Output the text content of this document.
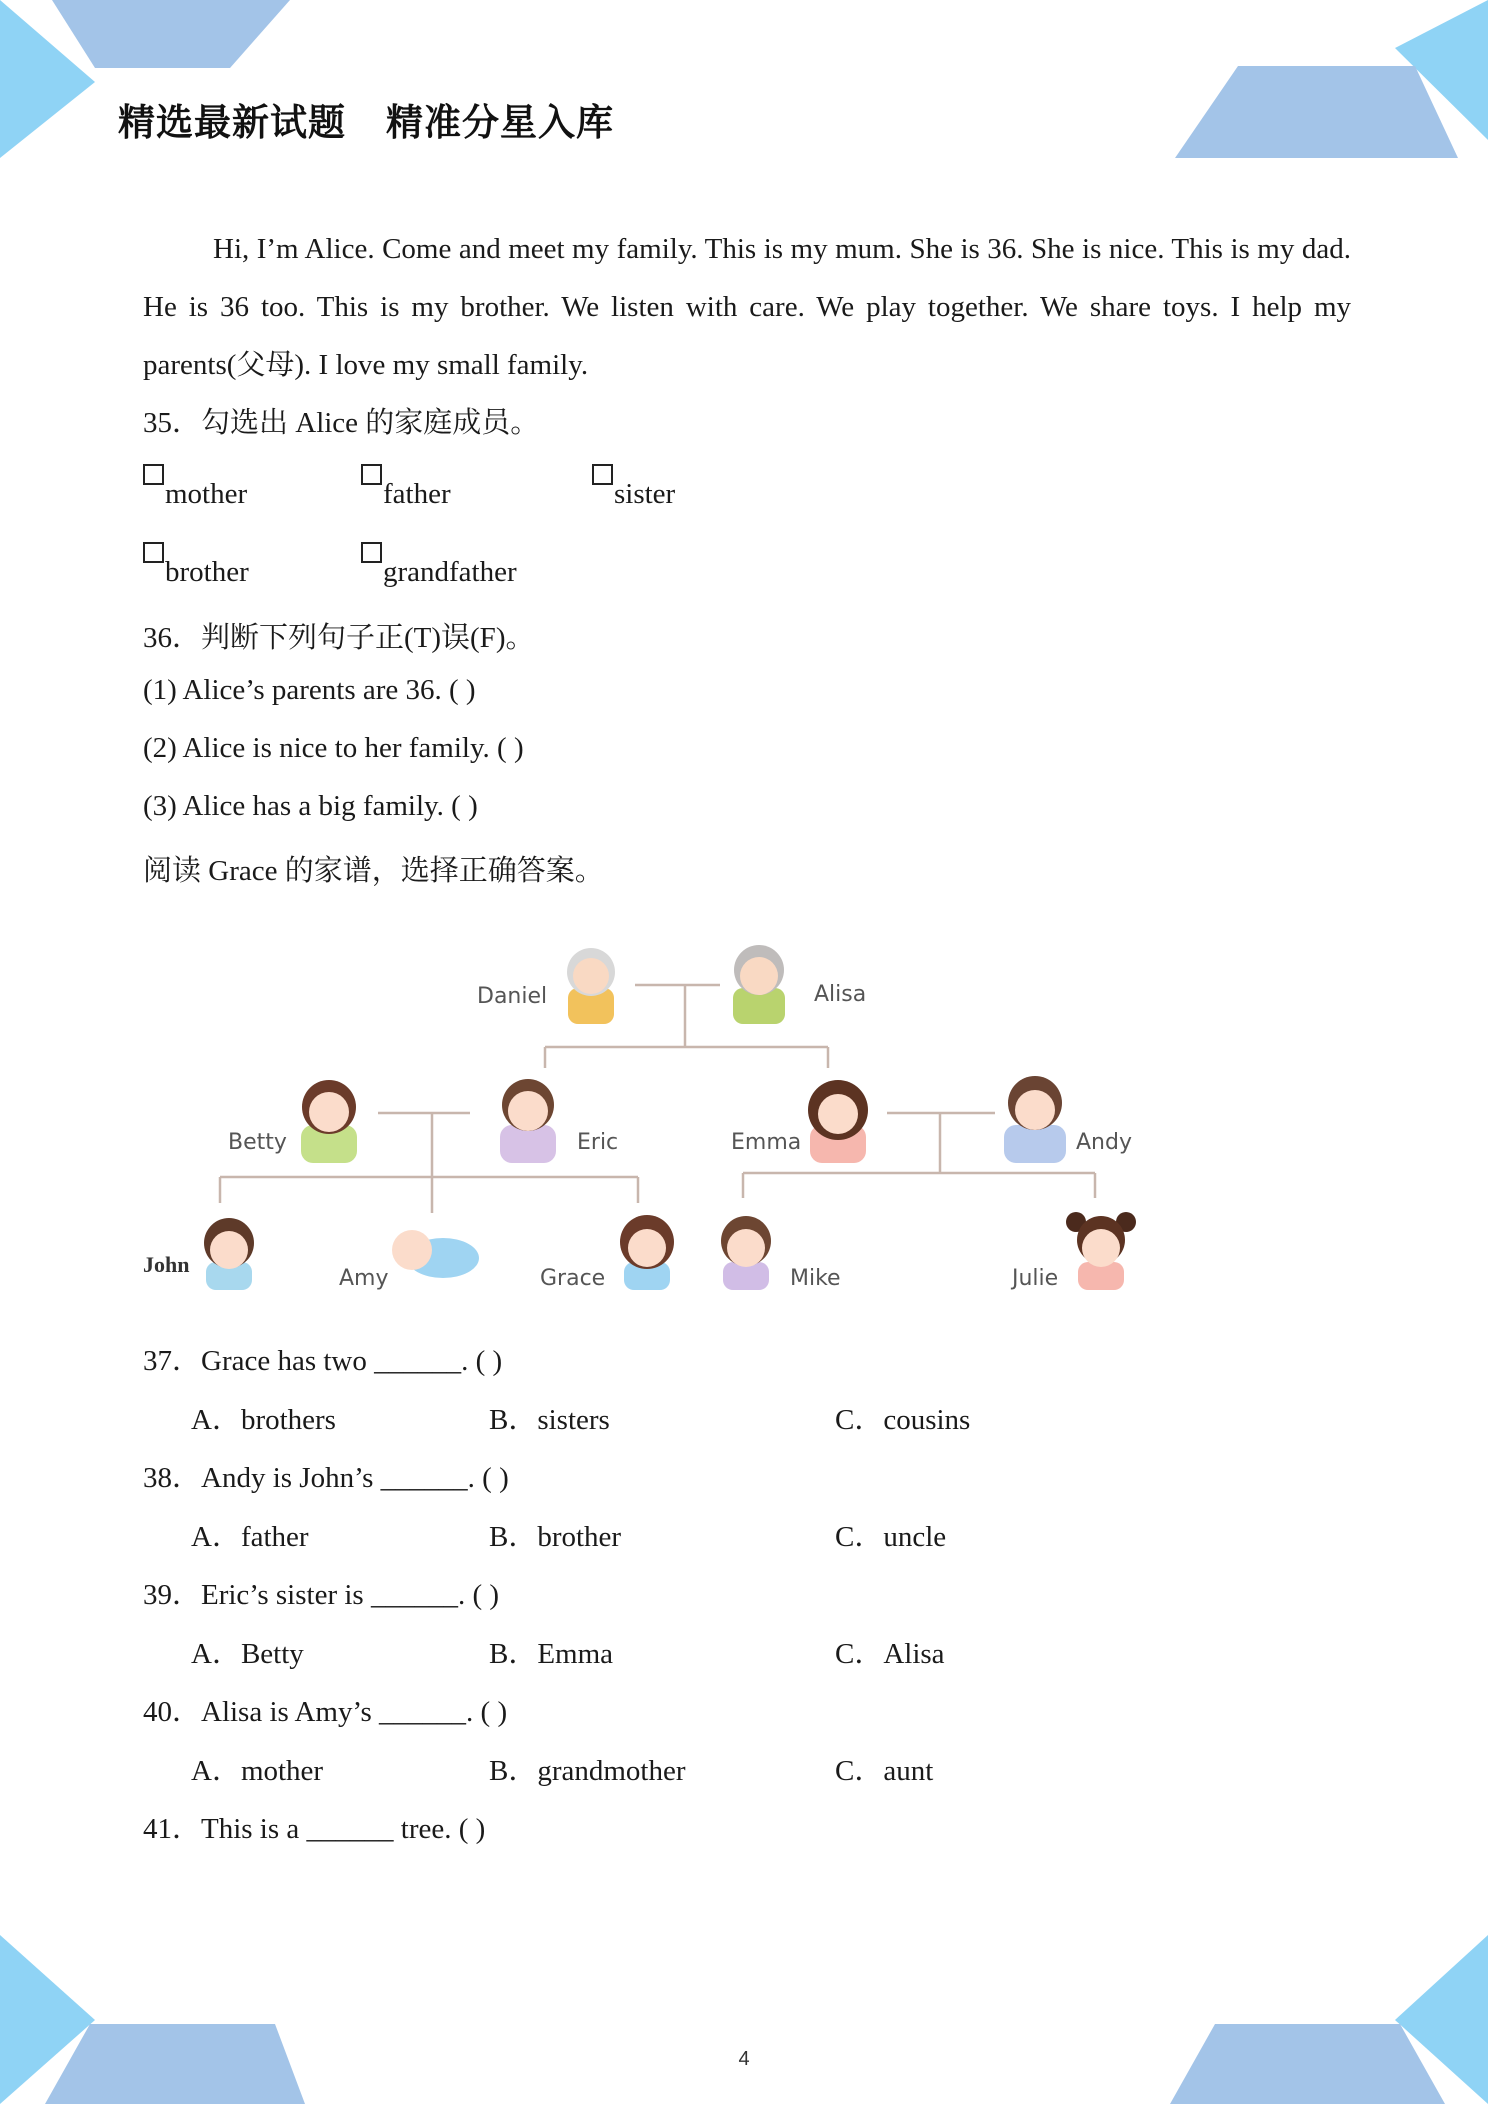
精选最新试题 精准分星入库
Hi, I’m Alice. Come and meet my family. This is my mum. She is 36. She is nice. This is my dad. He is 36 too. This is my brother. We listen with care. We play together. We share toys. I help my parents(父母). I love my small family.
35．勾选出 Alice 的家庭成员。
mother	father	sister
brother	grandfather
36．判断下列句子正(T)误(F)。
(1) Alice’s parents are 36. ( )
(2) Alice is nice to her family. ( )
(3) Alice has a big family. ( )
阅读 Grace 的家谱，选择正确答案。
Daniel	Alisa
Betty	Eric	Emma	Andy
John
Amy	Grace	Mike	Julie
37．Grace has two ______. ( )
A．brothers	B．sisters	C．cousins
38．Andy is John’s ______. ( )
A．father	B．brother	C．uncle
39．Eric’s sister is ______. ( )
A．Betty	B．Emma	C．Alisa
40．Alisa is Amy’s ______. ( )
A．mother	B．grandmother	C．aunt
41．This is a ______ tree. ( )
4
